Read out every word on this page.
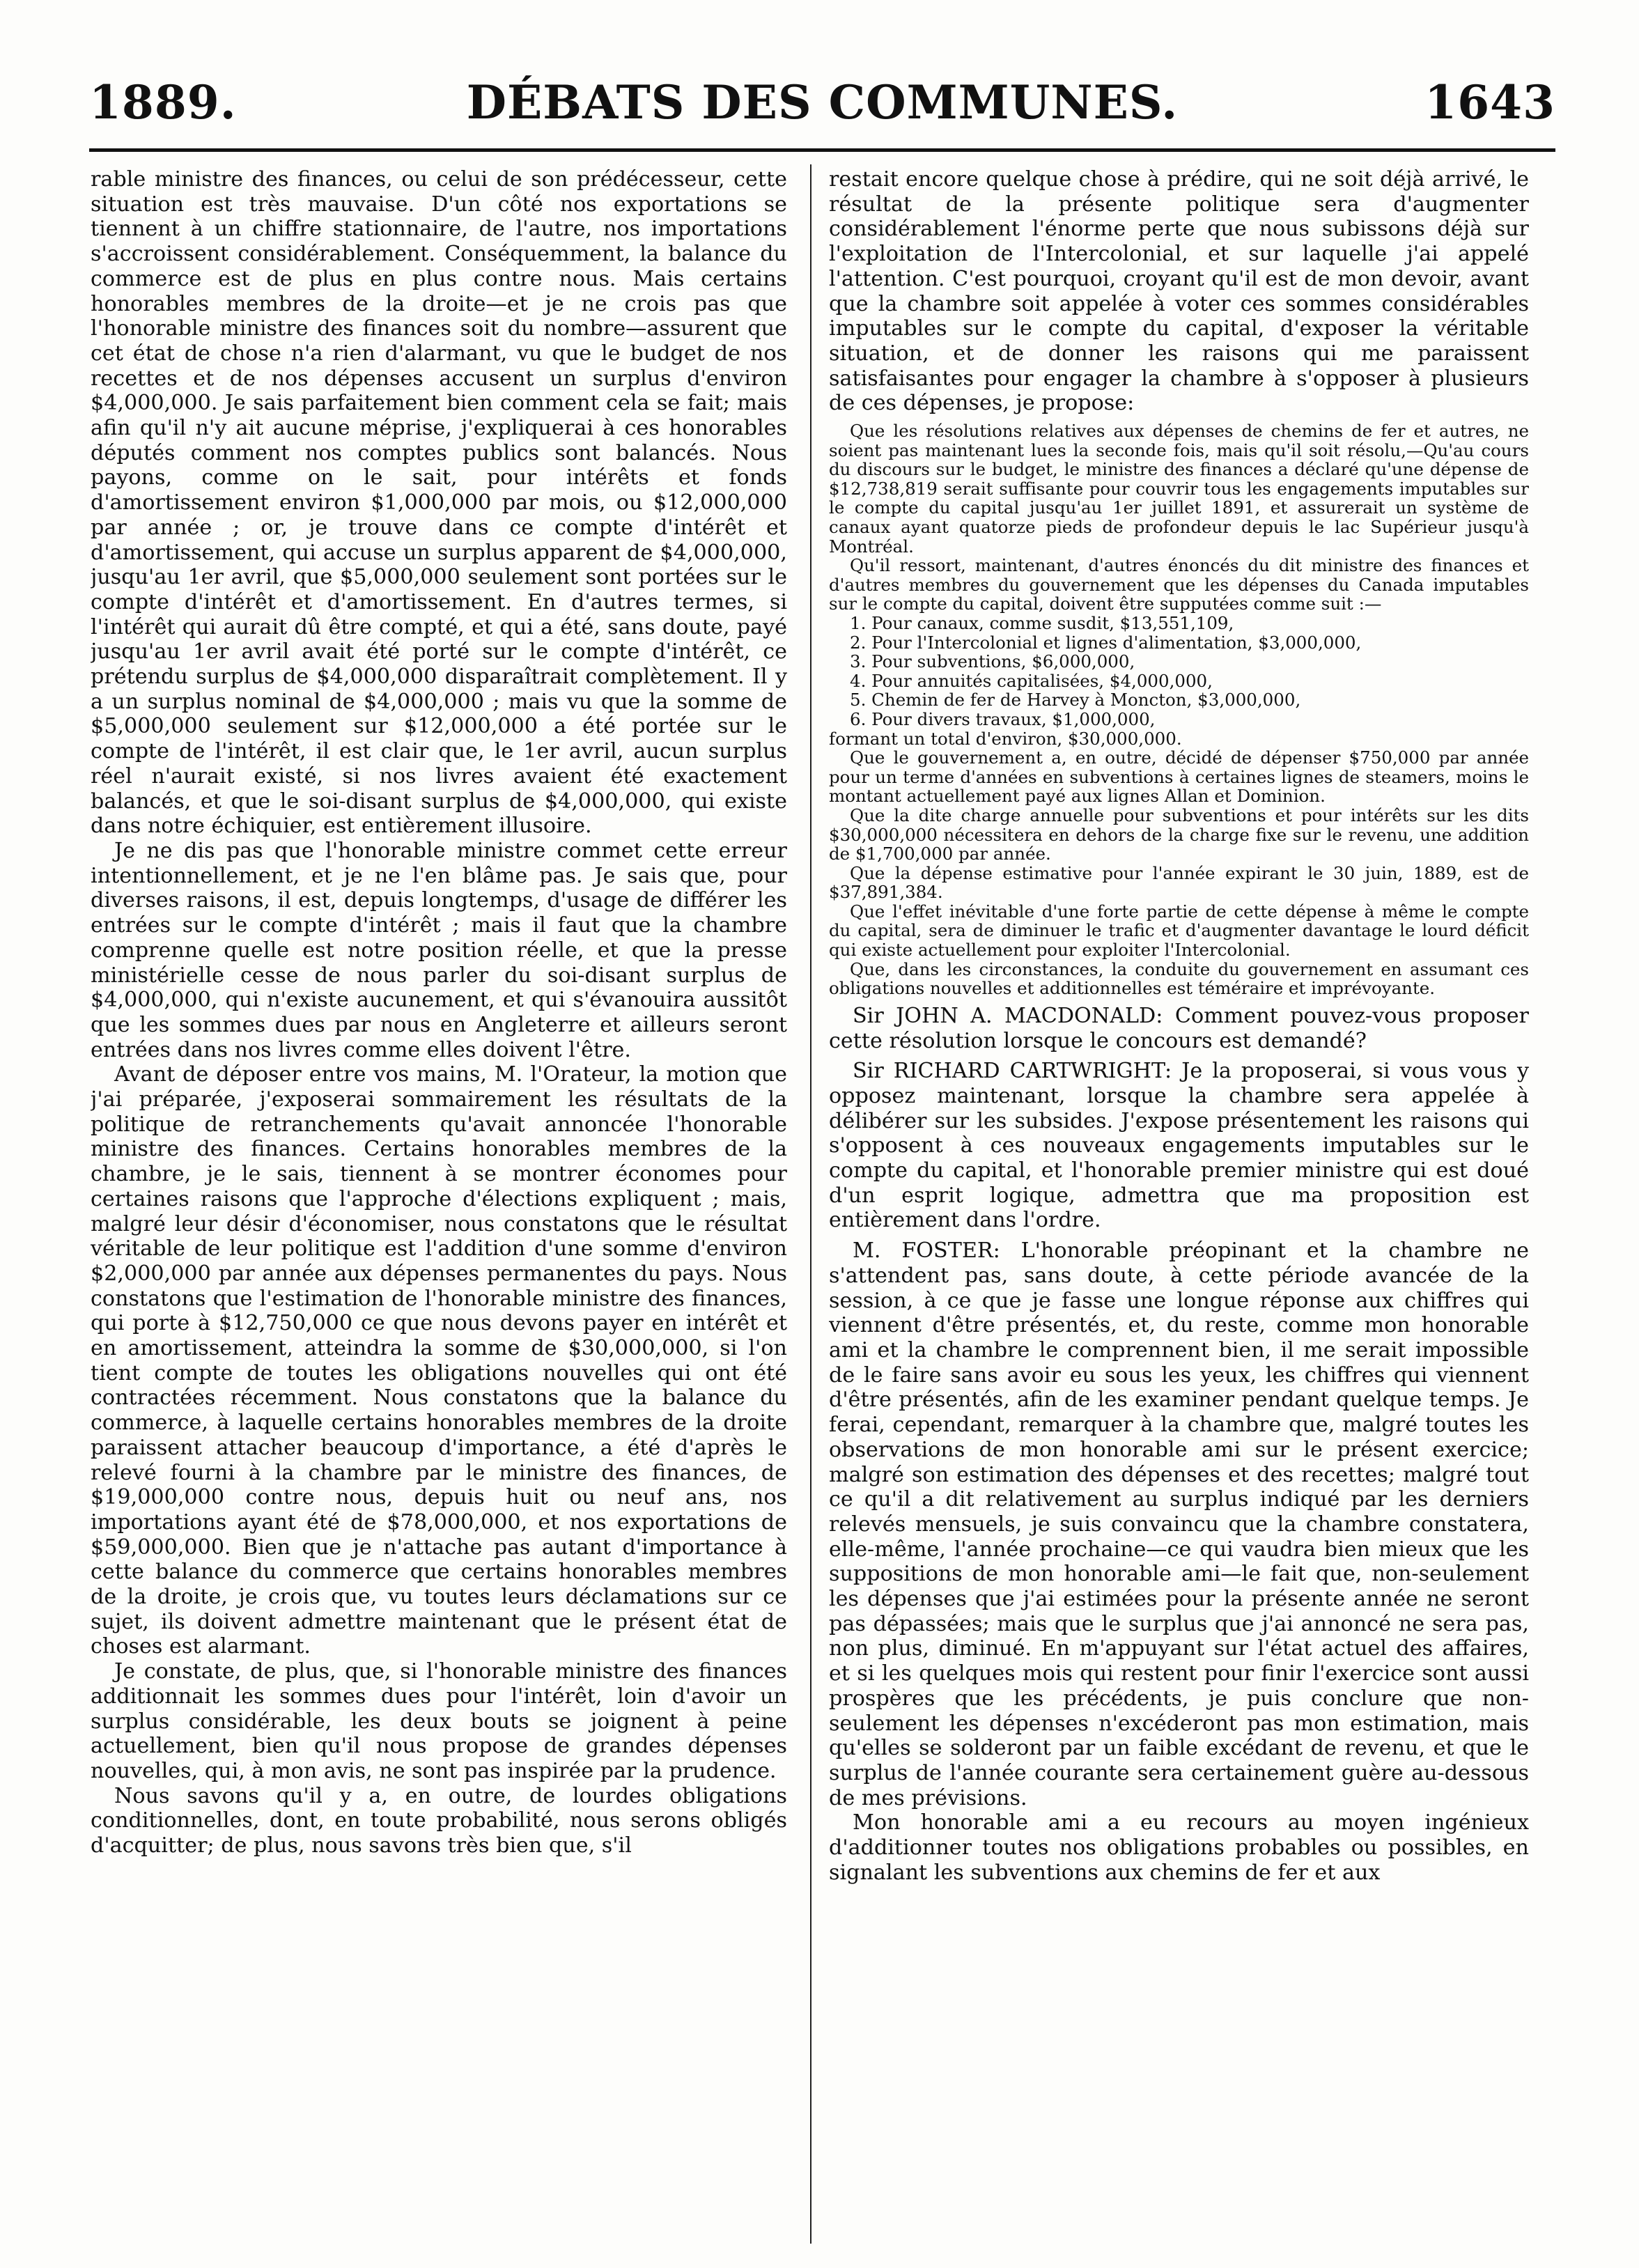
1889.	DÉBATS DES COMMUNES.	1643

rable ministre des finances, ou celui de son prédécesseur, cette situation est très mauvaise. D'un côté nos exportations se tiennent à un chiffre stationnaire, de l'autre, nos importations s'accroissent considérablement. Conséquemment, la balance du commerce est de plus en plus contre nous. Mais certains honorables membres de la droite—et je ne crois pas que l'honorable ministre des finances soit du nombre—assurent que cet état de chose n'a rien d'alarmant, vu que le budget de nos recettes et de nos dépenses accusent un surplus d'environ $4,000,000. Je sais parfaitement bien comment cela se fait; mais afin qu'il n'y ait aucune méprise, j'expliquerai à ces honorables députés comment nos comptes publics sont balancés. Nous payons, comme on le sait, pour intérêts et fonds d'amortissement environ $1,000,000 par mois, ou $12,000,000 par année ; or, je trouve dans ce compte d'intérêt et d'amortissement, qui accuse un surplus apparent de $4,000,000, jusqu'au 1er avril, que $5,000,000 seulement sont portées sur le compte d'intérêt et d'amortissement. En d'autres termes, si l'intérêt qui aurait dû être compté, et qui a été, sans doute, payé jusqu'au 1er avril avait été porté sur le compte d'intérêt, ce prétendu surplus de $4,000,000 disparaîtrait complètement. Il y a un surplus nominal de $4,000,000 ; mais vu que la somme de $5,000,000 seulement sur $12,000,000 a été portée sur le compte de l'intérêt, il est clair que, le 1er avril, aucun surplus réel n'aurait existé, si nos livres avaient été exactement balancés, et que le soi-disant surplus de $4,000,000, qui existe dans notre échiquier, est entièrement illusoire.

Je ne dis pas que l'honorable ministre commet cette erreur intentionnellement, et je ne l'en blâme pas. Je sais que, pour diverses raisons, il est, depuis longtemps, d'usage de différer les entrées sur le compte d'intérêt ; mais il faut que la chambre comprenne quelle est notre position réelle, et que la presse ministérielle cesse de nous parler du soi-disant surplus de $4,000,000, qui n'existe aucunement, et qui s'évanouira aussitôt que les sommes dues par nous en Angleterre et ailleurs seront entrées dans nos livres comme elles doivent l'être.

Avant de déposer entre vos mains, M. l'Orateur, la motion que j'ai préparée, j'exposerai sommairement les résultats de la politique de retranchements qu'avait annoncée l'honorable ministre des finances. Certains honorables membres de la chambre, je le sais, tiennent à se montrer économes pour certaines raisons que l'approche d'élections expliquent ; mais, malgré leur désir d'économiser, nous constatons que le résultat véritable de leur politique est l'addition d'une somme d'environ $2,000,000 par année aux dépenses permanentes du pays. Nous constatons que l'estimation de l'honorable ministre des finances, qui porte à $12,750,000 ce que nous devons payer en intérêt et en amortissement, atteindra la somme de $30,000,000, si l'on tient compte de toutes les obligations nouvelles qui ont été contractées récemment. Nous constatons que la balance du commerce, à laquelle certains honorables membres de la droite paraissent attacher beaucoup d'importance, a été d'après le relevé fourni à la chambre par le ministre des finances, de $19,000,000 contre nous, depuis huit ou neuf ans, nos importations ayant été de $78,000,000, et nos exportations de $59,000,000. Bien que je n'attache pas autant d'importance à cette balance du commerce que certains honorables membres de la droite, je crois que, vu toutes leurs déclamations sur ce sujet, ils doivent admettre maintenant que le présent état de choses est alarmant.

Je constate, de plus, que, si l'honorable ministre des finances additionnait les sommes dues pour l'intérêt, loin d'avoir un surplus considérable, les deux bouts se joignent à peine actuellement, bien qu'il nous propose de grandes dépenses nouvelles, qui, à mon avis, ne sont pas inspirée par la prudence.

Nous savons qu'il y a, en outre, de lourdes obligations conditionnelles, dont, en toute probabilité, nous serons obligés d'acquitter; de plus, nous savons très bien que, s'il

restait encore quelque chose à prédire, qui ne soit déjà arrivé, le résultat de la présente politique sera d'augmenter considérablement l'énorme perte que nous subissons déjà sur l'exploitation de l'Intercolonial, et sur laquelle j'ai appelé l'attention. C'est pourquoi, croyant qu'il est de mon devoir, avant que la chambre soit appelée à voter ces sommes considérables imputables sur le compte du capital, d'exposer la véritable situation, et de donner les raisons qui me paraissent satisfaisantes pour engager la chambre à s'opposer à plusieurs de ces dépenses, je propose:

Que les résolutions relatives aux dépenses de chemins de fer et autres, ne soient pas maintenant lues la seconde fois, mais qu'il soit résolu,—Qu'au cours du discours sur le budget, le ministre des finances a déclaré qu'une dépense de $12,738,819 serait suffisante pour couvrir tous les engagements imputables sur le compte du capital jusqu'au 1er juillet 1891, et assurerait un système de canaux ayant quatorze pieds de profondeur depuis le lac Supérieur jusqu'à Montréal.

Qu'il ressort, maintenant, d'autres énoncés du dit ministre des finances et d'autres membres du gouvernement que les dépenses du Canada imputables sur le compte du capital, doivent être supputées comme suit :—

1. Pour canaux, comme susdit, $13,551,109,

2. Pour l'Intercolonial et lignes d'alimentation, $3,000,000,

3. Pour subventions, $6,000,000,

4. Pour annuités capitalisées, $4,000,000,

5. Chemin de fer de Harvey à Moncton, $3,000,000,

6. Pour divers travaux, $1,000,000,

formant un total d'environ, $30,000,000.

Que le gouvernement a, en outre, décidé de dépenser $750,000 par année pour un terme d'années en subventions à certaines lignes de steamers, moins le montant actuellement payé aux lignes Allan et Dominion.

Que la dite charge annuelle pour subventions et pour intérêts sur les dits $30,000,000 nécessitera en dehors de la charge fixe sur le revenu, une addition de $1,700,000 par année.

Que la dépense estimative pour l'année expirant le 30 juin, 1889, est de $37,891,384.

Que l'effet inévitable d'une forte partie de cette dépense à même le compte du capital, sera de diminuer le trafic et d'augmenter davantage le lourd déficit qui existe actuellement pour exploiter l'Intercolonial.

Que, dans les circonstances, la conduite du gouvernement en assumant ces obligations nouvelles et additionnelles est téméraire et imprévoyante.

Sir JOHN A. MACDONALD: Comment pouvez-vous proposer cette résolution lorsque le concours est demandé?

Sir RICHARD CARTWRIGHT: Je la proposerai, si vous vous y opposez maintenant, lorsque la chambre sera appelée à délibérer sur les subsides. J'expose présentement les raisons qui s'opposent à ces nouveaux engagements imputables sur le compte du capital, et l'honorable premier ministre qui est doué d'un esprit logique, admettra que ma proposition est entièrement dans l'ordre.

M. FOSTER: L'honorable préopinant et la chambre ne s'attendent pas, sans doute, à cette période avancée de la session, à ce que je fasse une longue réponse aux chiffres qui viennent d'être présentés, et, du reste, comme mon honorable ami et la chambre le comprennent bien, il me serait impossible de le faire sans avoir eu sous les yeux, les chiffres qui viennent d'être présentés, afin de les examiner pendant quelque temps. Je ferai, cependant, remarquer à la chambre que, malgré toutes les observations de mon honorable ami sur le présent exercice; malgré son estimation des dépenses et des recettes; malgré tout ce qu'il a dit relativement au surplus indiqué par les derniers relevés mensuels, je suis convaincu que la chambre constatera, elle-même, l'année prochaine—ce qui vaudra bien mieux que les suppositions de mon honorable ami—le fait que, non-seulement les dépenses que j'ai estimées pour la présente année ne seront pas dépassées; mais que le surplus que j'ai annoncé ne sera pas, non plus, diminué. En m'appuyant sur l'état actuel des affaires, et si les quelques mois qui restent pour finir l'exercice sont aussi prospères que les précédents, je puis conclure que non-seulement les dépenses n'excéderont pas mon estimation, mais qu'elles se solderont par un faible excédant de revenu, et que le surplus de l'année courante sera certainement guère au-dessous de mes prévisions.

Mon honorable ami a eu recours au moyen ingénieux d'additionner toutes nos obligations probables ou possibles, en signalant les subventions aux chemins de fer et aux
